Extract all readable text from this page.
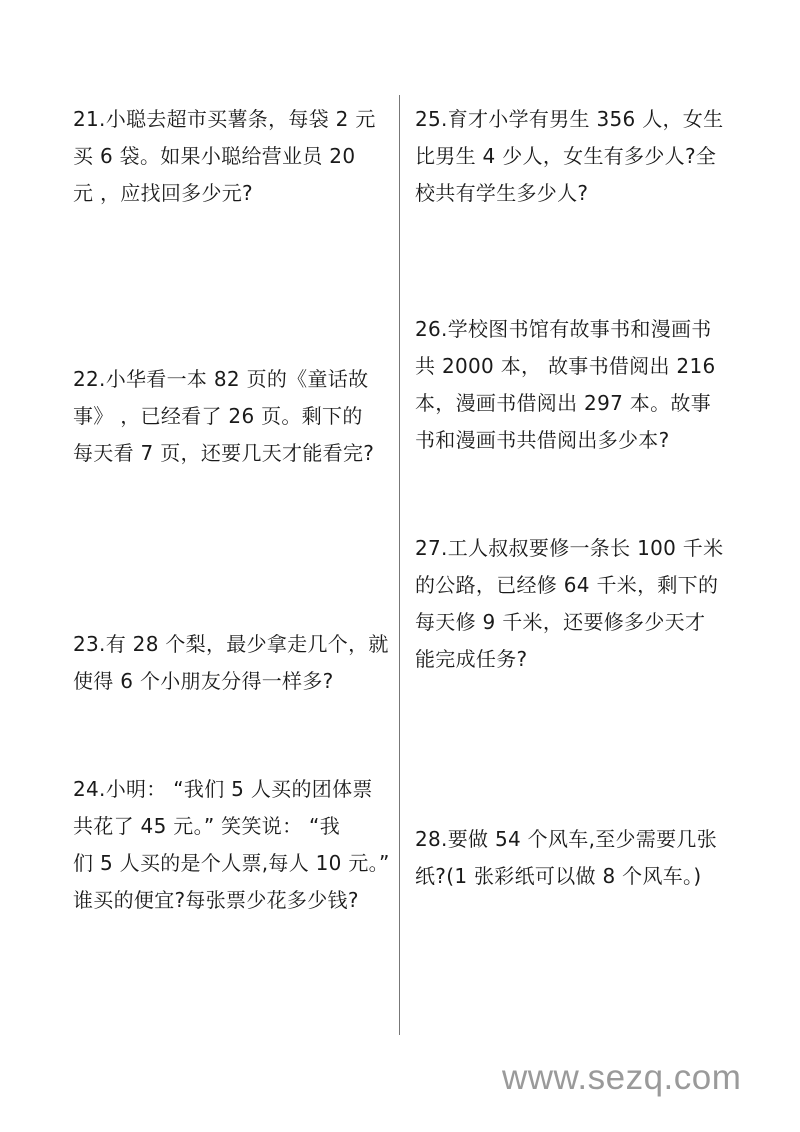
21.小聪去超市买薯条，每袋 2 元
买 6 袋。如果小聪给营业员 20
元 ，应找回多少元?
22.小华看一本 82 页的《童话故
事》 ，已经看了 26 页。剩下的
每天看 7 页，还要几天才能看完?
23.有 28 个梨，最少拿走几个，就
使得 6 个小朋友分得一样多?
24.小明： “我们 5 人买的团体票
共花了 45 元。” 笑笑说： “我
们 5 人买的是个人票,每人 10 元。”
谁买的便宜?每张票少花多少钱?
25.育才小学有男生 356 人，女生
比男生 4 少人，女生有多少人?全
校共有学生多少人?
26.学校图书馆有故事书和漫画书
共 2000 本， 故事书借阅出 216
本，漫画书借阅出 297 本。故事
书和漫画书共借阅出多少本?
27.工人叔叔要修一条长 100 千米
的公路，已经修 64 千米，剩下的
每天修 9 千米，还要修多少天才
能完成任务?
28.要做 54 个风车,至少需要几张
纸?(1 张彩纸可以做 8 个风车。)
www.sezq.com
